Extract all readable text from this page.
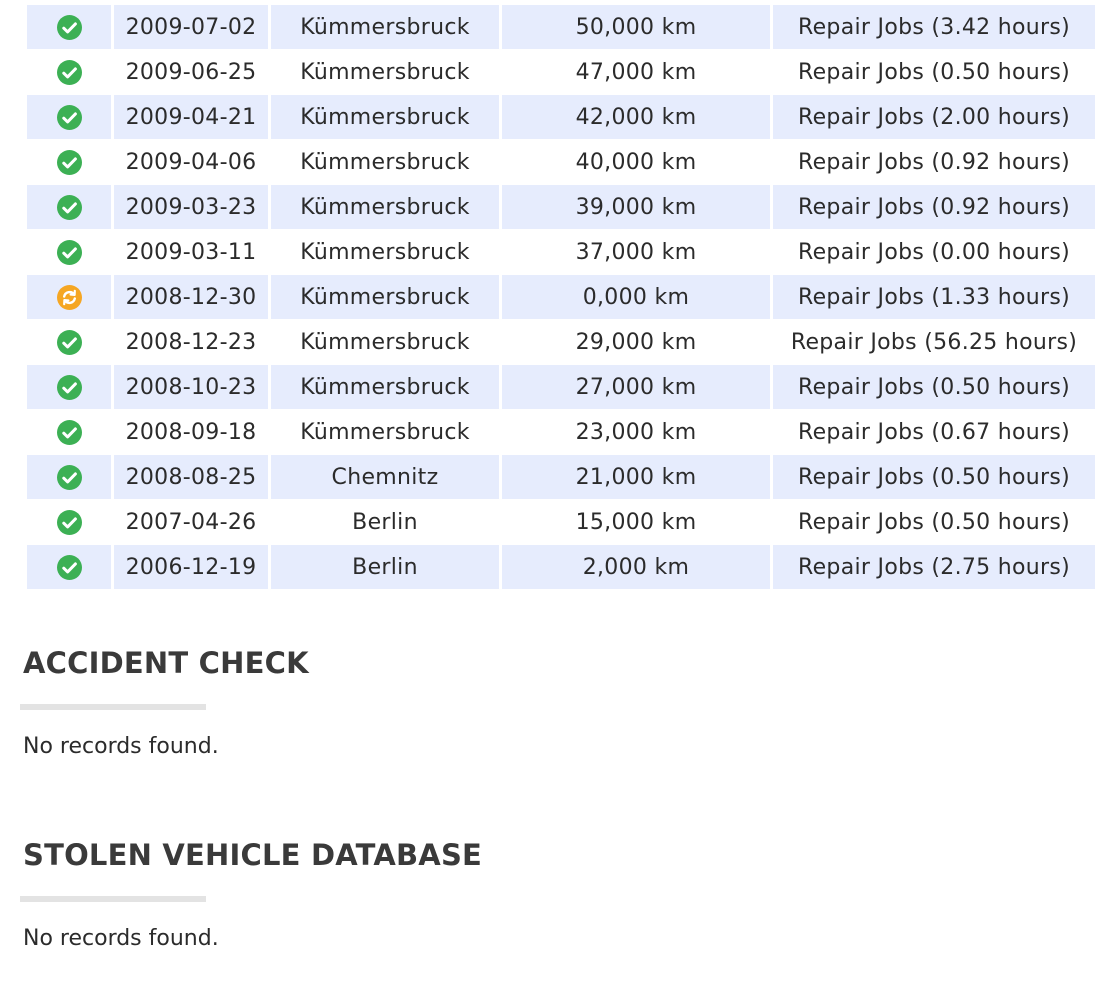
	2009-07-02	Kümmersbruck	50,000 km	Repair Jobs (3.42 hours)

	2009-06-25	Kümmersbruck	47,000 km	Repair Jobs (0.50 hours)

	2009-04-21	Kümmersbruck	42,000 km	Repair Jobs (2.00 hours)

	2009-04-06	Kümmersbruck	40,000 km	Repair Jobs (0.92 hours)

	2009-03-23	Kümmersbruck	39,000 km	Repair Jobs (0.92 hours)

	2009-03-11	Kümmersbruck	37,000 km	Repair Jobs (0.00 hours)

	2008-12-30	Kümmersbruck	0,000 km	Repair Jobs (1.33 hours)

	2008-12-23	Kümmersbruck	29,000 km	Repair Jobs (56.25 hours)

	2008-10-23	Kümmersbruck	27,000 km	Repair Jobs (0.50 hours)

	2008-09-18	Kümmersbruck	23,000 km	Repair Jobs (0.67 hours)

	2008-08-25	Chemnitz	21,000 km	Repair Jobs (0.50 hours)

	2007-04-26	Berlin	15,000 km	Repair Jobs (0.50 hours)

	2006-12-19	Berlin	2,000 km	Repair Jobs (2.75 hours)
ACCIDENT CHECK

No records found.

STOLEN VEHICLE DATABASE

No records found.
